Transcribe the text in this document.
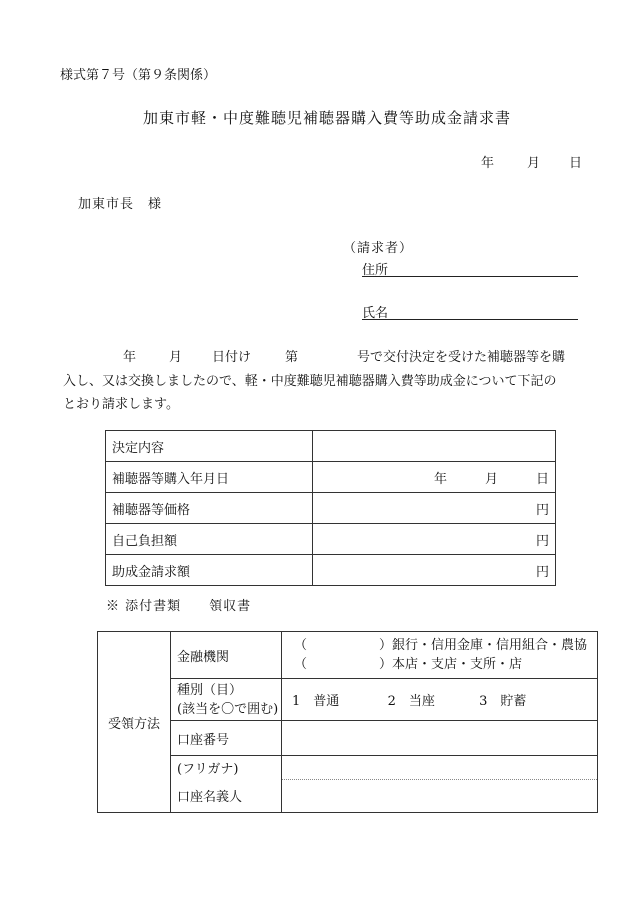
様式第７号（第９条関係）
加東市軽・中度難聴児補聴器購入費等助成金請求書
年	月 日
加東市長　様
（請求者）
住所
氏名
年	月 日付け	第	号で交付決定を受けた補聴器等を購
入し、又は交換しましたので、軽・中度難聴児補聴器購入費等助成金について下記の
とおり請求します。
決定内容	
補聴器等購入年月日	年 月 日

補聴器等価格	円
自己負担額	円
助成金請求額	円
※ 添付書類　　領収書
受領方法	金融機関	（ ）銀行・信用金庫・信用組合・農協
（ ）本店・支店・支所・店

	種別（目）
(該当を〇で囲む)	1　普通 2　当座 3　貯蓄
	口座番号	
	(フリガナ)	
	口座名義人	
